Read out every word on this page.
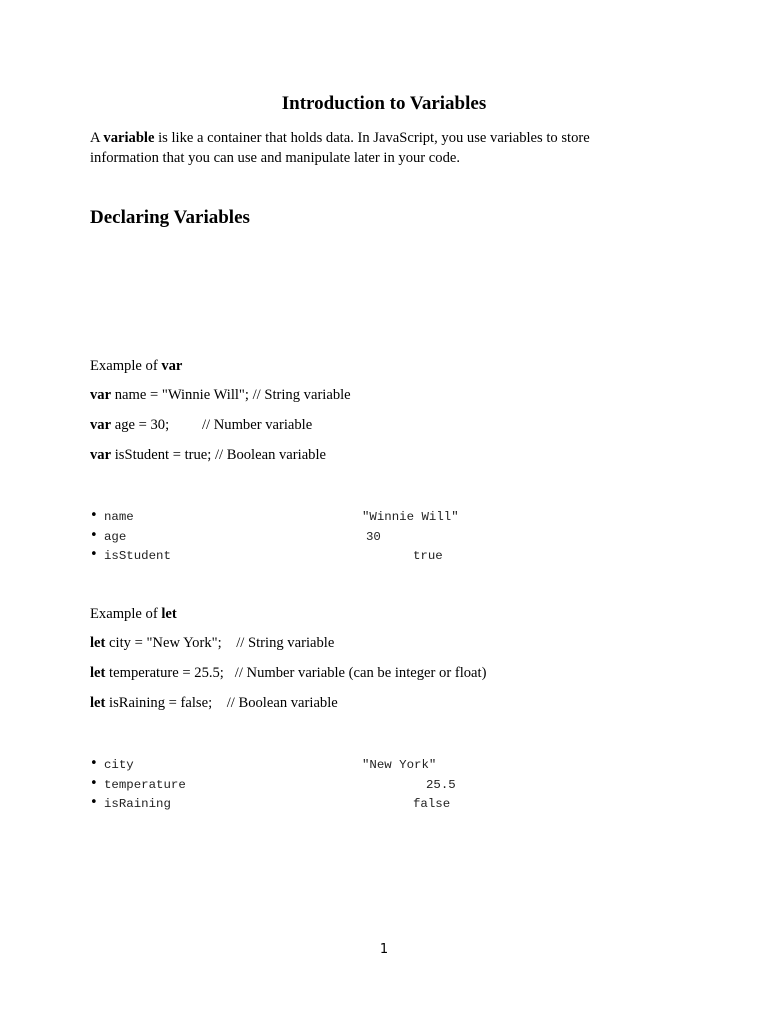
Introduction to Variables
A variable is like a container that holds data. In JavaScript, you use variables to store information that you can use and manipulate later in your code.
Declaring Variables
Example of var
var name = "Winnie Will"; // String variable
var age = 30;         // Number variable
var isStudent = true; // Boolean variable
• name	"Winnie Will"
• age	30
• isStudent	true
Example of let
let city = "New York";    // String variable
let temperature = 25.5;   // Number variable (can be integer or float)
let isRaining = false;    // Boolean variable
• city	"New York"
• temperature	25.5
• isRaining	false
1
